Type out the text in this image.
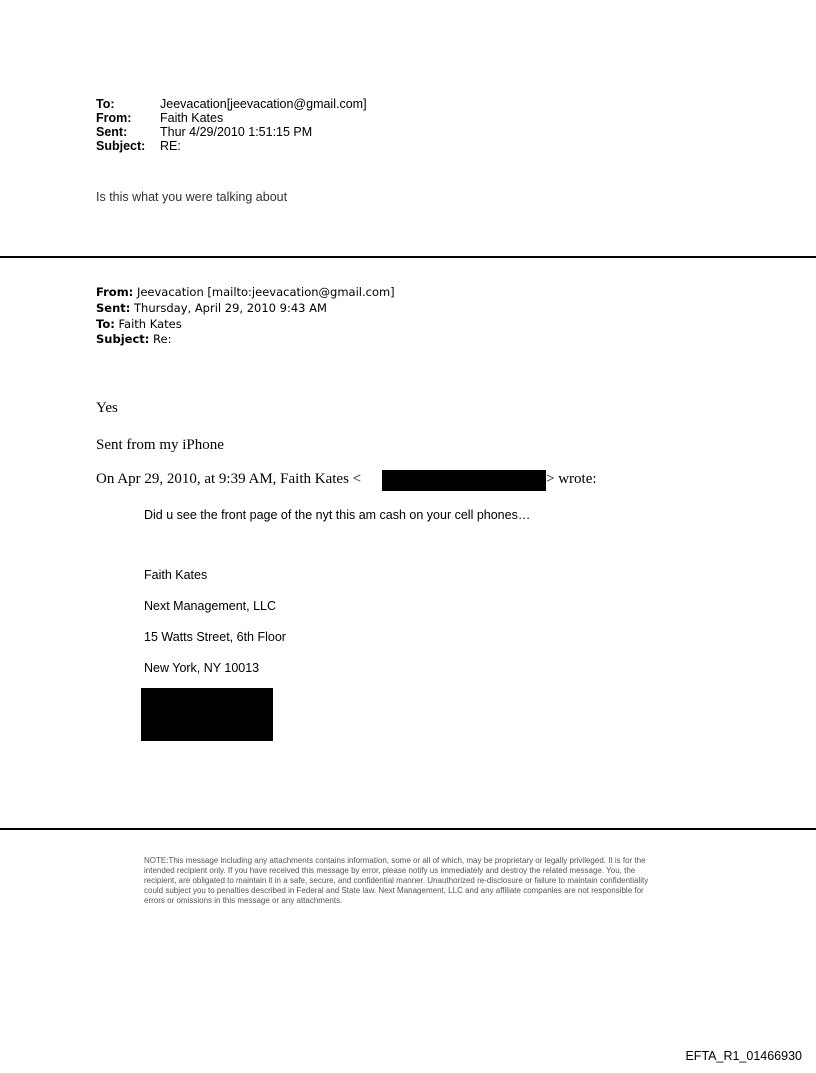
To:	Jeevacation[jeevacation@gmail.com]
From: Faith Kates
Sent:	Thur 4/29/2010 1:51:15 PM
Subject: RE:
Is this what you were talking about
From: Jeevacation [mailto:jeevacation@gmail.com]
Sent: Thursday, April 29, 2010 9:43 AM
To: Faith Kates
Subject: Re:
Yes
Sent from my iPhone
On Apr 29, 2010, at 9:39 AM, Faith Kates <	> wrote:
Did u see the front page of the nyt this am cash on your cell phones…
Faith Kates
Next Management, LLC
15 Watts Street, 6th Floor
New York, NY 10013
NOTE:This message including any attachments contains information, some or all of which, may be proprietary or legally privileged. It is for the intended recipient only. If you have received this message by error, please notify us immediately and destroy the related message. You, the recipient, are obligated to maintain it in a safe, secure, and confidential manner. Unauthorized re-disclosure or failure to maintain confidentiality could subject you to penalties described in Federal and State law. Next Management, LLC and any affiliate companies are not responsible for errors or omissions in this message or any attachments.
EFTA_R1_01466930
